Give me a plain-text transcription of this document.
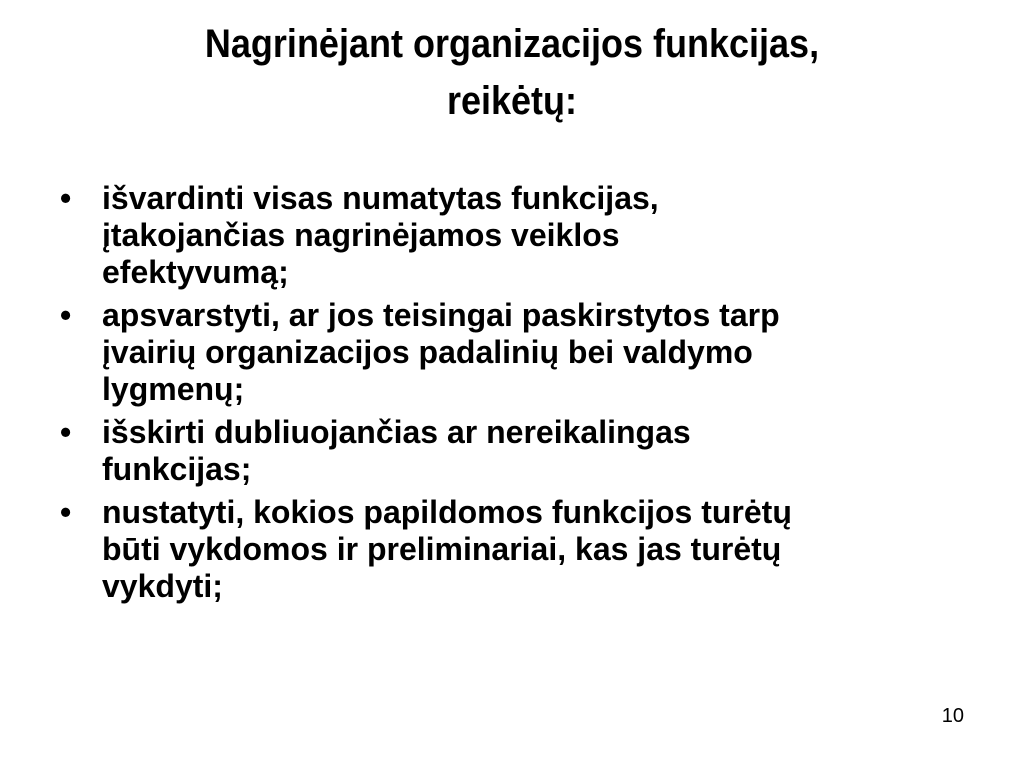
Nagrinėjant organizacijos funkcijas,
reikėtų:
• išvardinti visas numatytas funkcijas,
įtakojančias nagrinėjamos veiklos
efektyvumą;
• apsvarstyti, ar jos teisingai paskirstytos tarp
įvairių organizacijos padalinių bei valdymo
lygmenų;
• išskirti dubliuojančias ar nereikalingas
funkcijas;
• nustatyti, kokios papildomos funkcijos turėtų
būti vykdomos ir preliminariai, kas jas turėtų
vykdyti;
10
